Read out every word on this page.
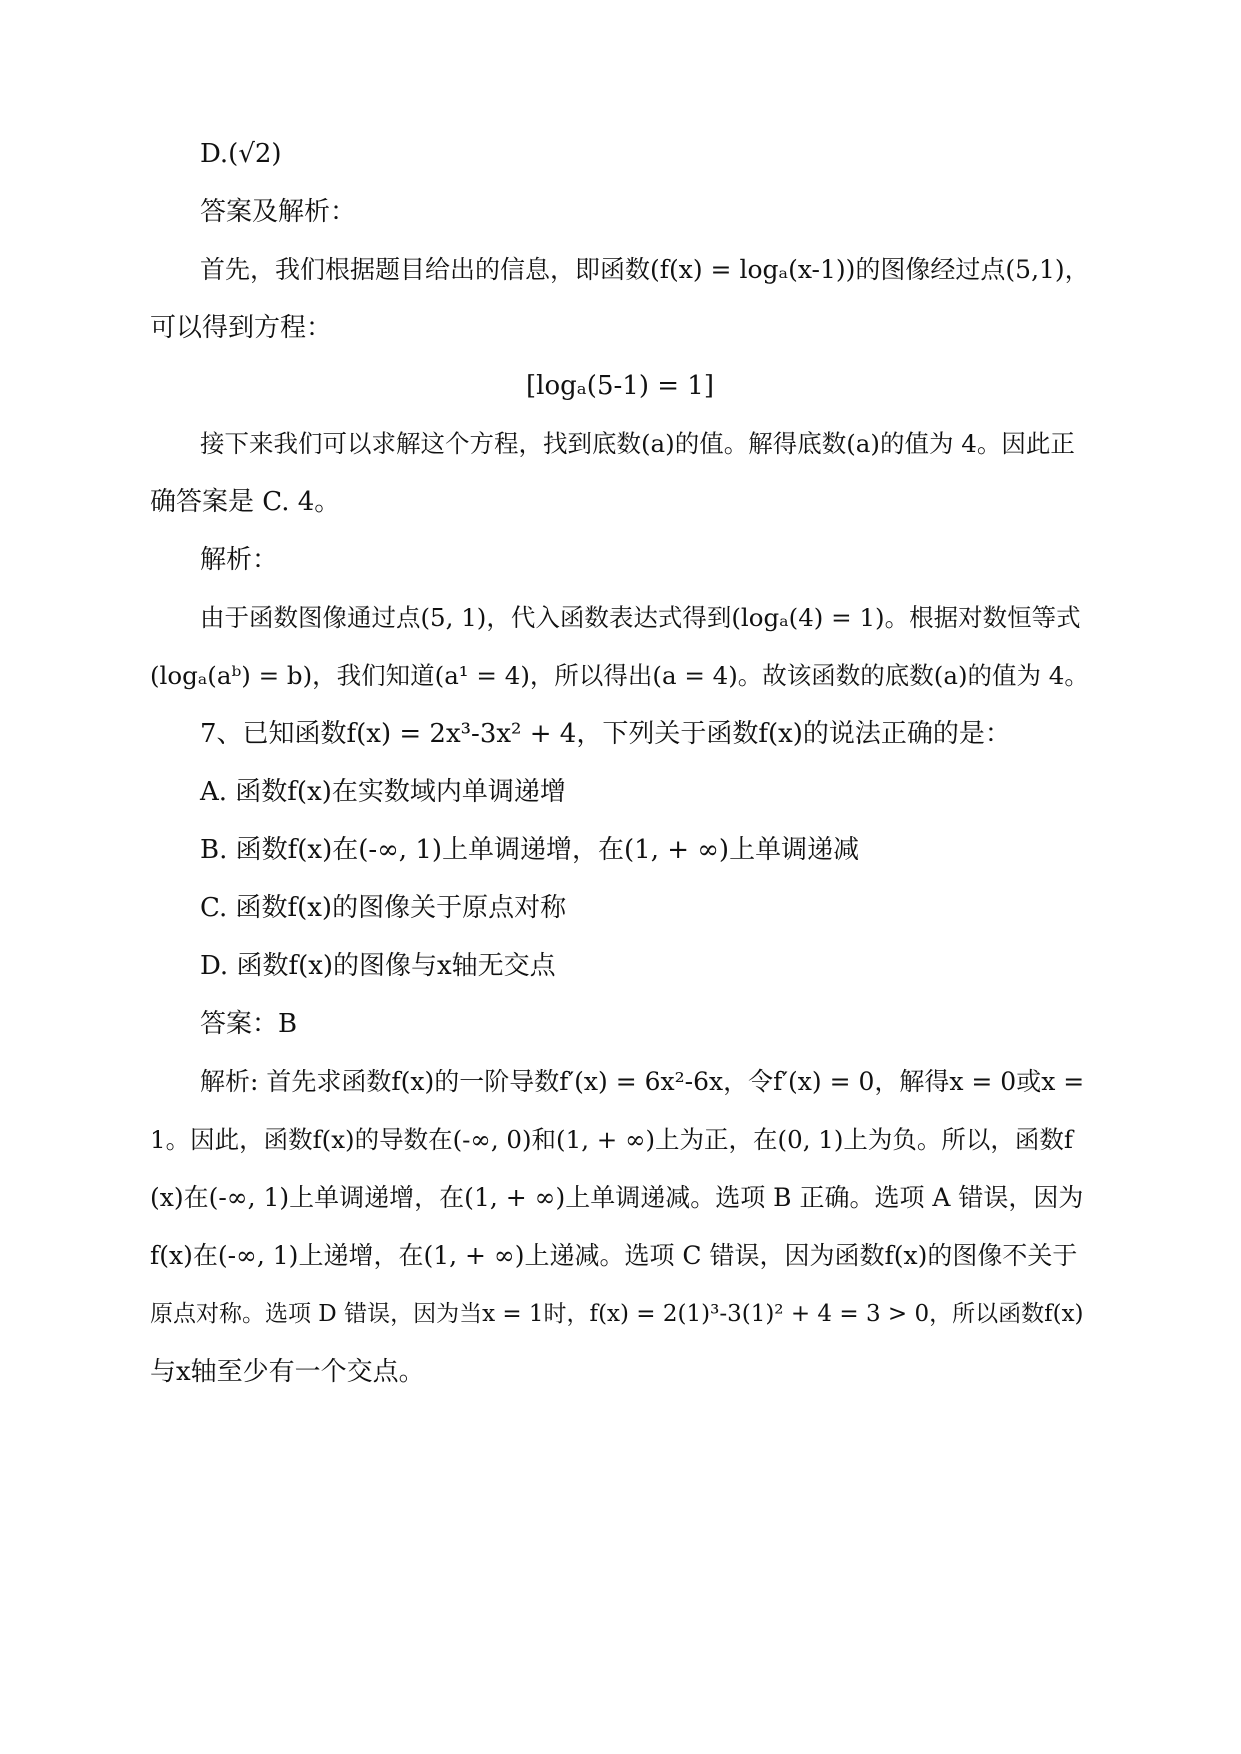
D.(√2)
答案及解析：
首先，我们根据题目给出的信息，即函数(f(x) = logₐ(x-1))的图像经过点(5,1)，
可以得到方程：
[logₐ(5-1) = 1]
接下来我们可以求解这个方程，找到底数(a)的值。解得底数(a)的值为 4。因此正
确答案是 C. 4。
解析：
由于函数图像通过点(5, 1)，代入函数表达式得到(logₐ(4) = 1)。根据对数恒等式
(logₐ(aᵇ) = b)，我们知道(a¹ = 4)，所以得出(a = 4)。故该函数的底数(a)的值为 4。
7、已知函数f(x) = 2x³-3x² + 4，下列关于函数f(x)的说法正确的是：
A. 函数f(x)在实数域内单调递增
B. 函数f(x)在(-∞, 1)上单调递增，在(1, + ∞)上单调递减
C. 函数f(x)的图像关于原点对称
D. 函数f(x)的图像与x轴无交点
答案：B
解析: 首先求函数f(x)的一阶导数f′(x) = 6x²-6x，令f′(x) = 0，解得x = 0或x =
1。因此，函数f(x)的导数在(-∞, 0)和(1, + ∞)上为正，在(0, 1)上为负。所以，函数f
(x)在(-∞, 1)上单调递增，在(1, + ∞)上单调递减。选项 B 正确。选项 A 错误，因为
f(x)在(-∞, 1)上递增，在(1, + ∞)上递减。选项 C 错误，因为函数f(x)的图像不关于
原点对称。选项 D 错误，因为当x = 1时，f(x) = 2(1)³-3(1)² + 4 = 3 > 0，所以函数f(x)
与x轴至少有一个交点。
